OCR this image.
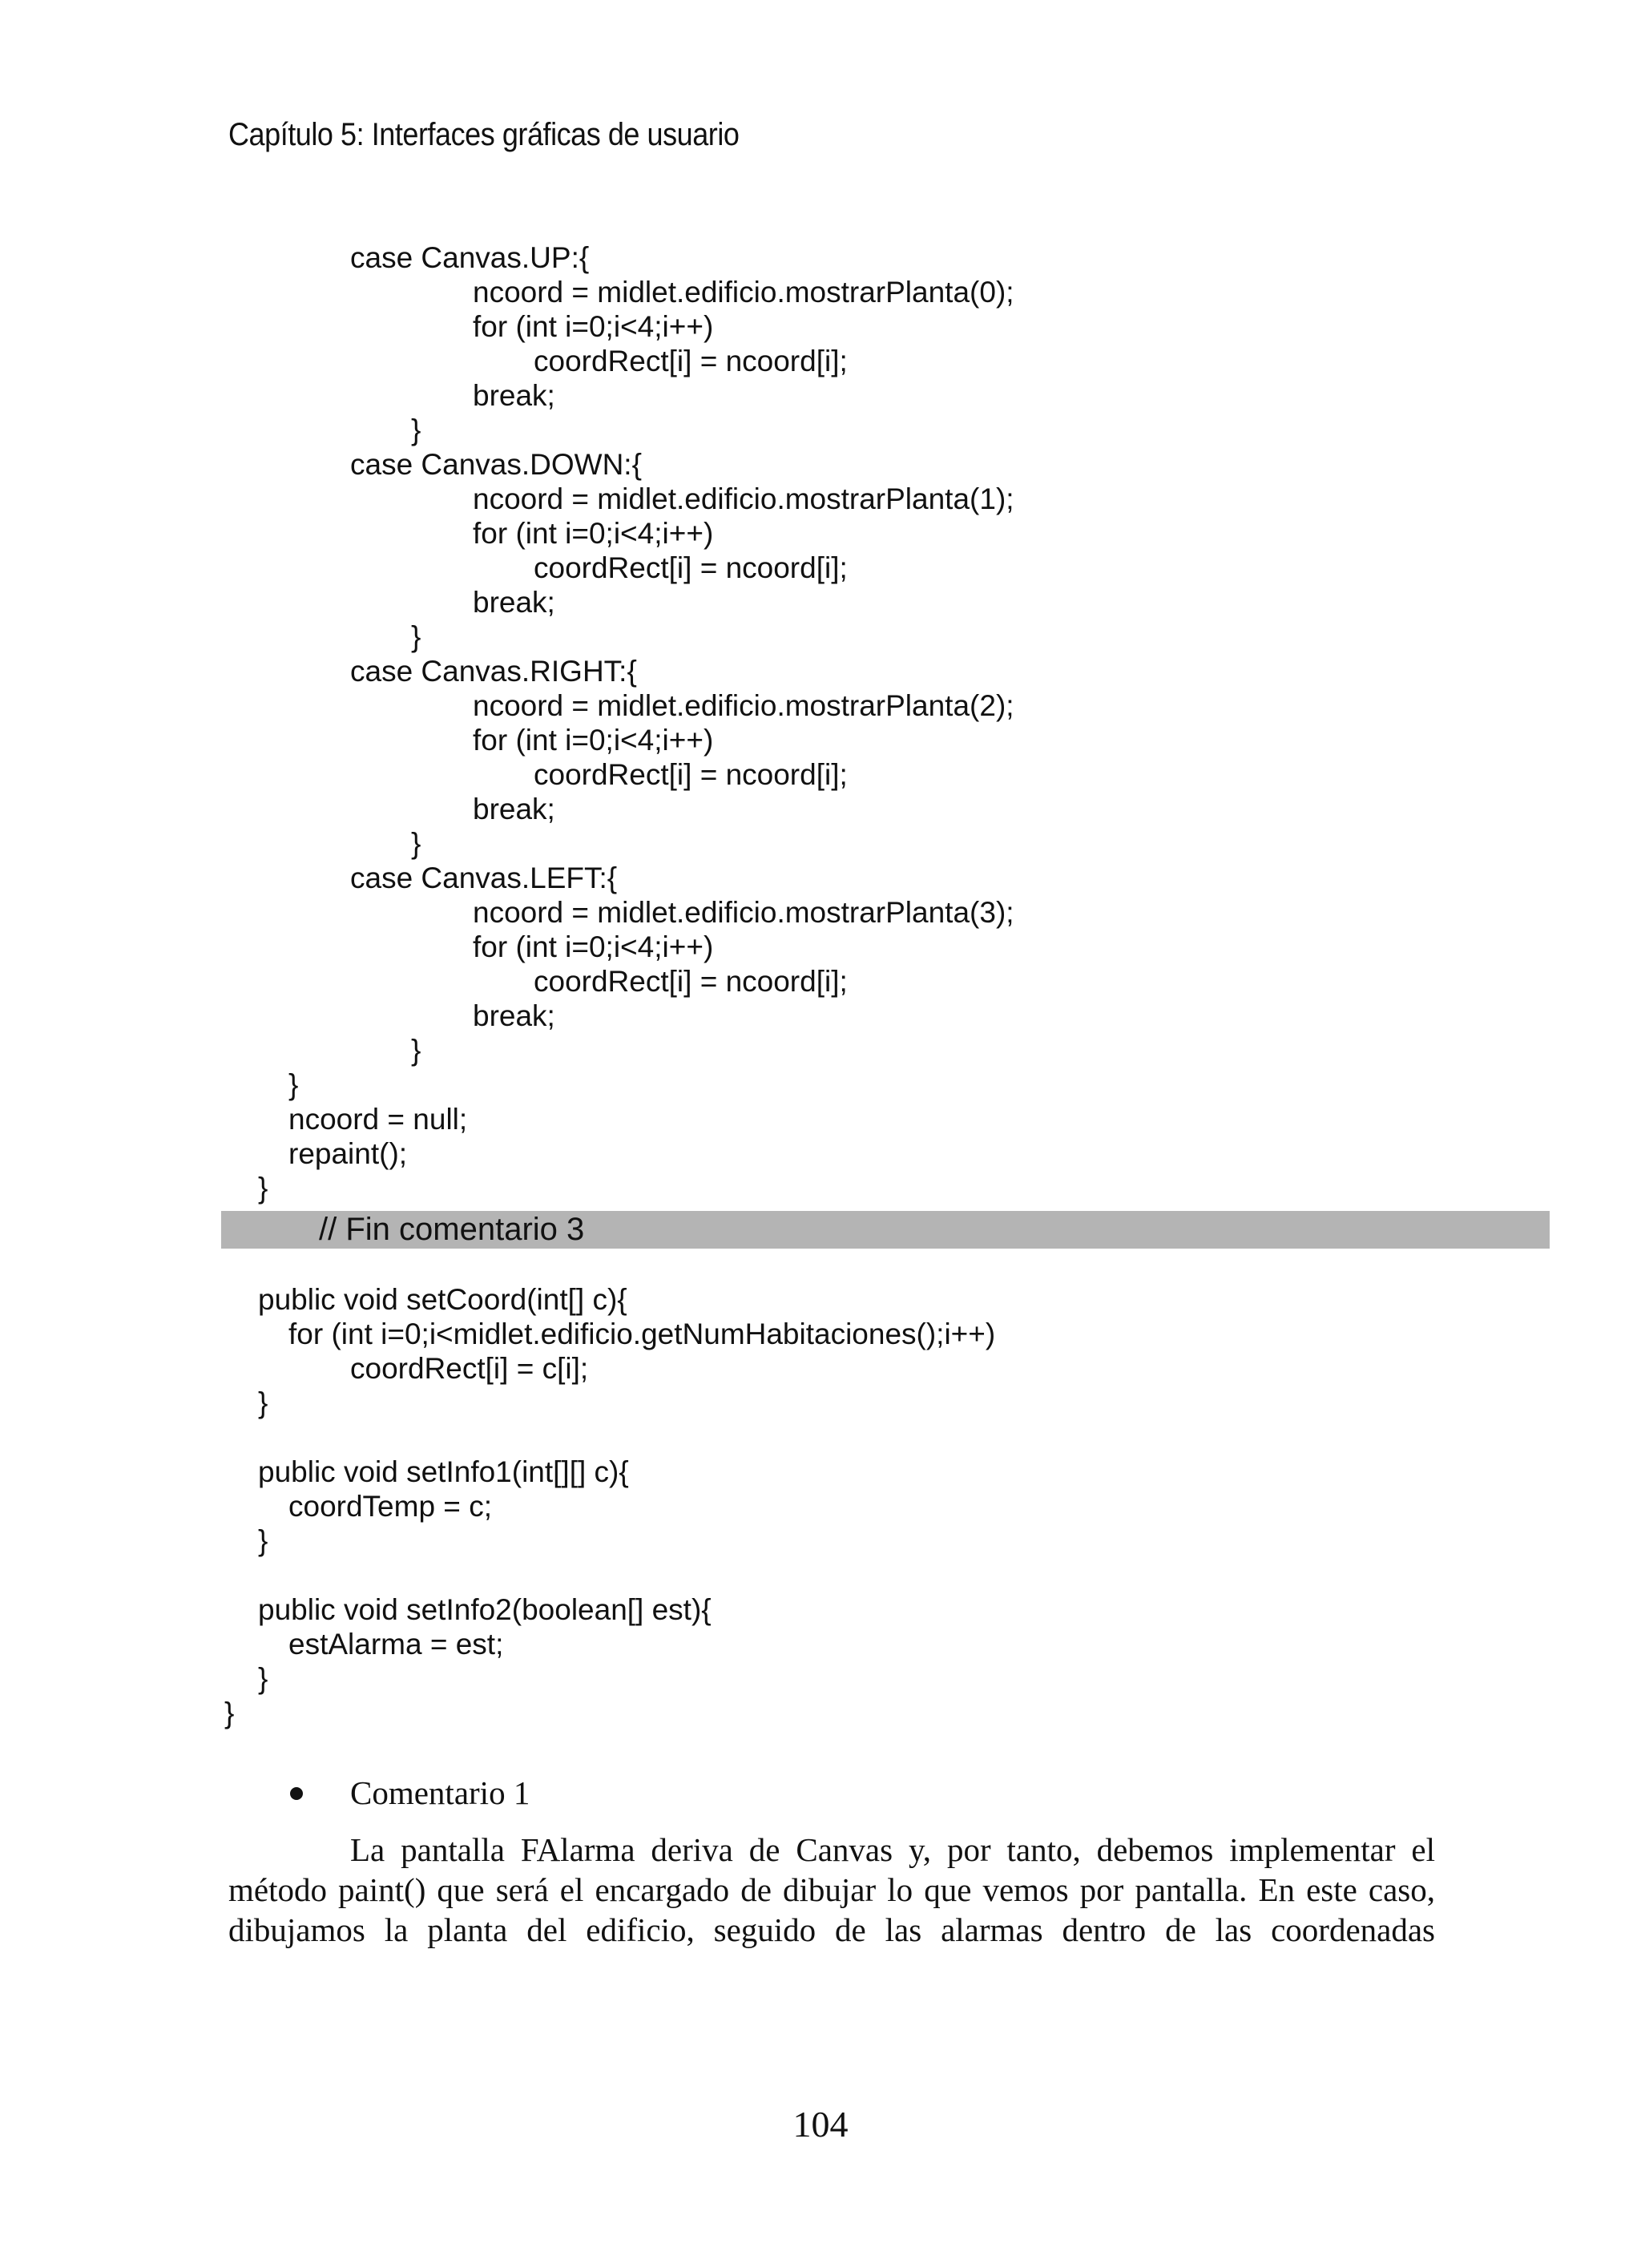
Capítulo 5: Interfaces gráficas de usuario
case Canvas.UP:{
ncoord = midlet.edificio.mostrarPlanta(0);
for (int i=0;i<4;i++)
coordRect[i] = ncoord[i];
break;
}
case Canvas.DOWN:{
ncoord = midlet.edificio.mostrarPlanta(1);
for (int i=0;i<4;i++)
coordRect[i] = ncoord[i];
break;
}
case Canvas.RIGHT:{
ncoord = midlet.edificio.mostrarPlanta(2);
for (int i=0;i<4;i++)
coordRect[i] = ncoord[i];
break;
}
case Canvas.LEFT:{
ncoord = midlet.edificio.mostrarPlanta(3);
for (int i=0;i<4;i++)
coordRect[i] = ncoord[i];
break;
}
}
ncoord = null;
repaint();
}
// Fin comentario 3
public void setCoord(int[] c){
for (int i=0;i<midlet.edificio.getNumHabitaciones();i++)
coordRect[i] = c[i];
}
public void setInfo1(int[][] c){
coordTemp = c;
}
public void setInfo2(boolean[] est){
estAlarma = est;
}
}
Comentario 1

La pantalla FAlarma deriva de Canvas y, por tanto, debemos implementar el método paint() que será el encargado de dibujar lo que vemos por pantalla. En este caso, dibujamos la planta del edificio, seguido de las alarmas dentro de las coordenadas

104
